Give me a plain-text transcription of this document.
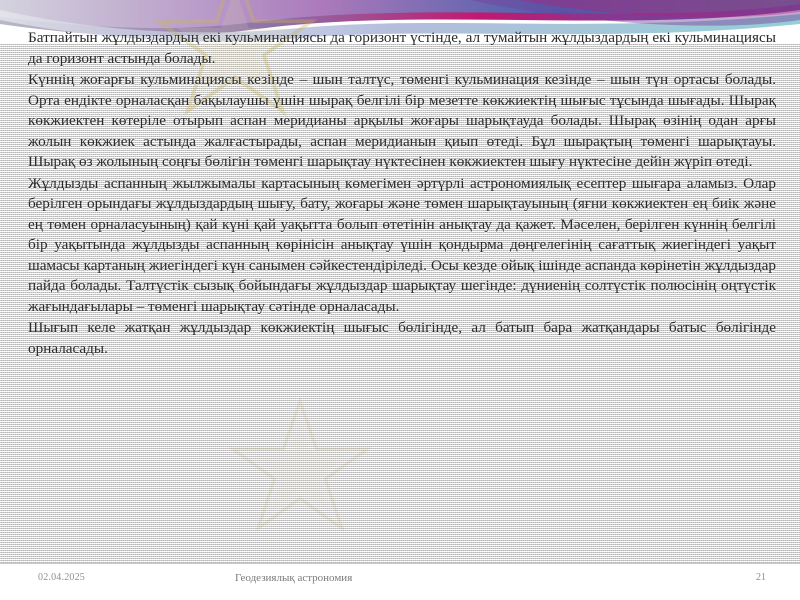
Батпайтын жұлдыздардың екі кульминациясы да горизонт үстінде, ал тумайтын жұлдыздардың екі кульминациясы да горизонт астында болады.

Күннің жоғарғы кульминациясы кезінде – шын талтүс, төменгі кульминация кезінде – шын түн ортасы болады. Орта ендікте орналасқан бақылаушы үшін шырақ белгілі бір мезетте көкжиектің шығыс тұсында шығады. Шырақ көкжиектен көтеріле отырып аспан меридианы арқылы жоғары шарықтауда болады. Шырақ өзінің одан арғы жолын көкжиек астында жалғастырады, аспан меридианын қиып өтеді. Бұл шырақтың төменгі шарықтауы. Шырақ өз жолының соңғы бөлігін төменгі шарықтау нүктесінен көкжиектен шығу нүктесіне дейін жүріп өтеді.

Жұлдызды аспанның жылжымалы картасының көмегімен әртүрлі астрономиялық есептер шығара аламыз. Олар берілген орындағы жұлдыздардың шығу, бату, жоғары және төмен шарықтауының (яғни көкжиектен ең биік және ең төмен орналасуының) қай күні қай уақытта болып өтетінін анықтау да қажет. Мәселен, берілген күннің белгілі бір уақытында жұлдызды аспанның көрінісін анықтау үшін қондырма дөңгелегінің сағаттық жиегіндегі уақыт шамасы картаның жиегіндегі күн санымен сәйкестендіріледі. Осы кезде ойық ішінде аспанда көрінетін жұлдыздар пайда болады. Талтүстік сызық бойындағы жұлдыздар шарықтау шегінде: дүниенің солтүстік полюсінің оңтүстік жағындағылары – төменгі шарықтау сәтінде орналасады.

Шығып келе жатқан жұлдыздар көкжиектің шығыс бөлігінде, ал батып бара жатқандары батыс бөлігінде орналасады.

02.04.2025	Геодезиялық астрономия	21
